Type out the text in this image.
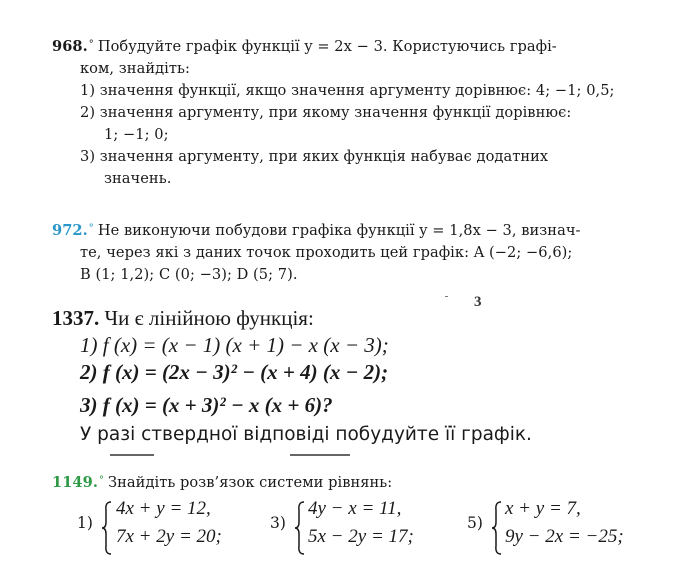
968.° Побудуйте графік функції y = 2x − 3. Користуючись графі-
ком, знайдіть:
1) значення функції, якщо значення аргументу дорівнює: 4; −1; 0,5;
2) значення аргументу, при якому значення функції дорівнює:
1; −1; 0;
3) значення аргументу, при яких функція набуває додатних
значень.
972.° Не виконуючи побудови графіка функції y = 1,8x − 3, визнач-
те, через які з даних точок проходить цей графік: A (−2; −6,6);
B (1; 1,2); C (0; −3); D (5; 7).
3
1337. Чи є лінійною функція:
1) f (x) = (x − 1) (x + 1) − x (x − 3);
2) f (x) = (2x − 3)² − (x + 4) (x − 2);
3) f (x) = (x + 3)² − x (x + 6)?
У разі ствердної відповіді побудуйте її графік.
1149.° Знайдіть розв’язок системи рівнянь:
1)
4x + y = 12,
7x + 2y = 20;
3)
4y − x = 11,
5x − 2y = 17;
5)
x + y = 7,
9y − 2x = −25;
